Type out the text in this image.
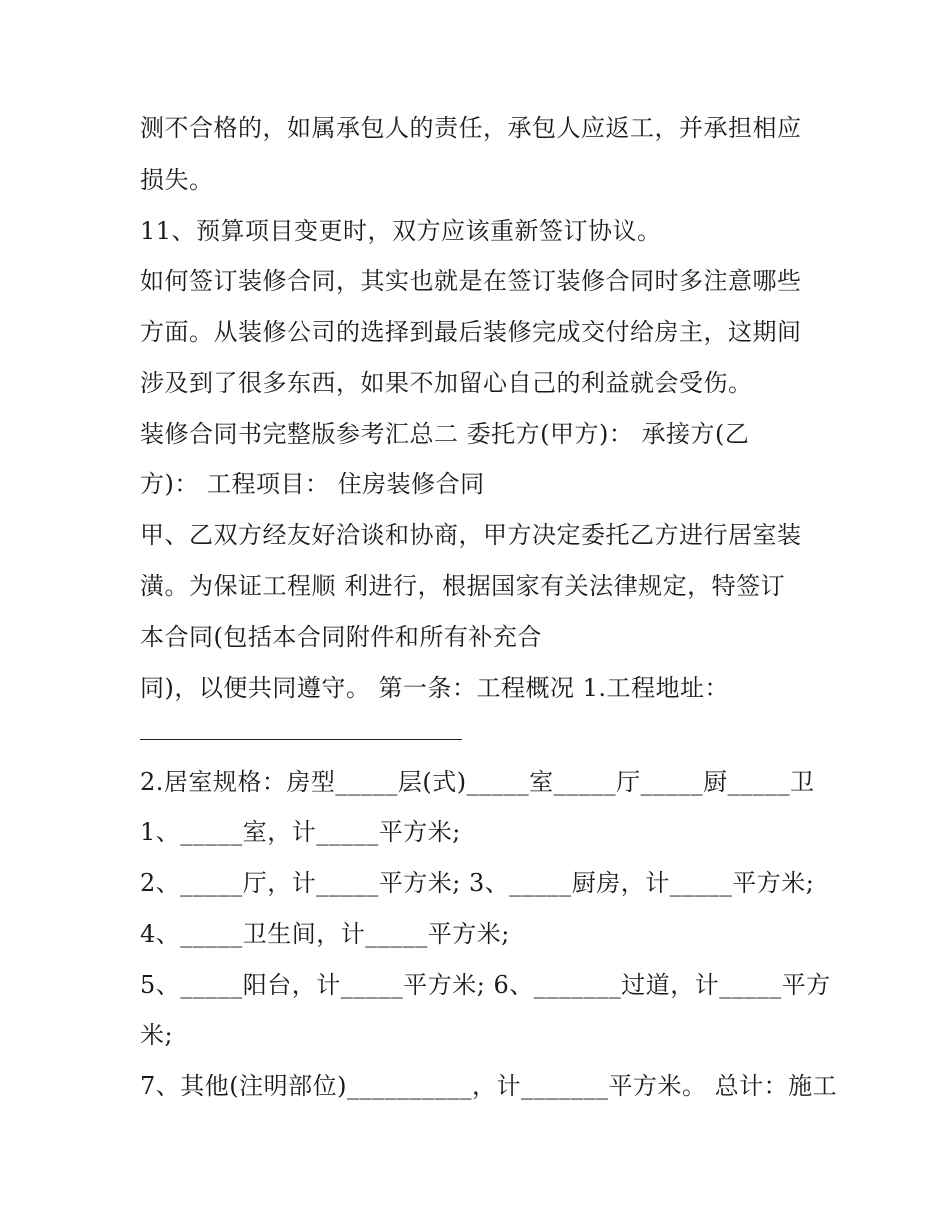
测不合格的，如属承包人的责任，承包人应返工，并承担相应
损失。
11、预算项目变更时，双方应该重新签订协议。
如何签订装修合同，其实也就是在签订装修合同时多注意哪些
方面。从装修公司的选择到最后装修完成交付给房主，这期间
涉及到了很多东西，如果不加留心自己的利益就会受伤。
装修合同书完整版参考汇总二 委托方(甲方)： 承接方(乙
方)： 工程项目： 住房装修合同
甲、乙双方经友好洽谈和协商，甲方决定委托乙方进行居室装
潢。为保证工程顺 利进行，根据国家有关法律规定，特签订
本合同(包括本合同附件和所有补充合
同)，以便共同遵守。 第一条：工程概况 1.工程地址：
2.居室规格：房型_____层(式)_____室_____厅_____厨_____卫
1、_____室，计_____平方米;
2、_____厅，计_____平方米; 3、_____厨房，计_____平方米;
4、_____卫生间，计_____平方米;
5、_____阳台，计_____平方米; 6、_______过道，计_____平方
米;
7、其他(注明部位)__________，计_______平方米。 总计：施工
